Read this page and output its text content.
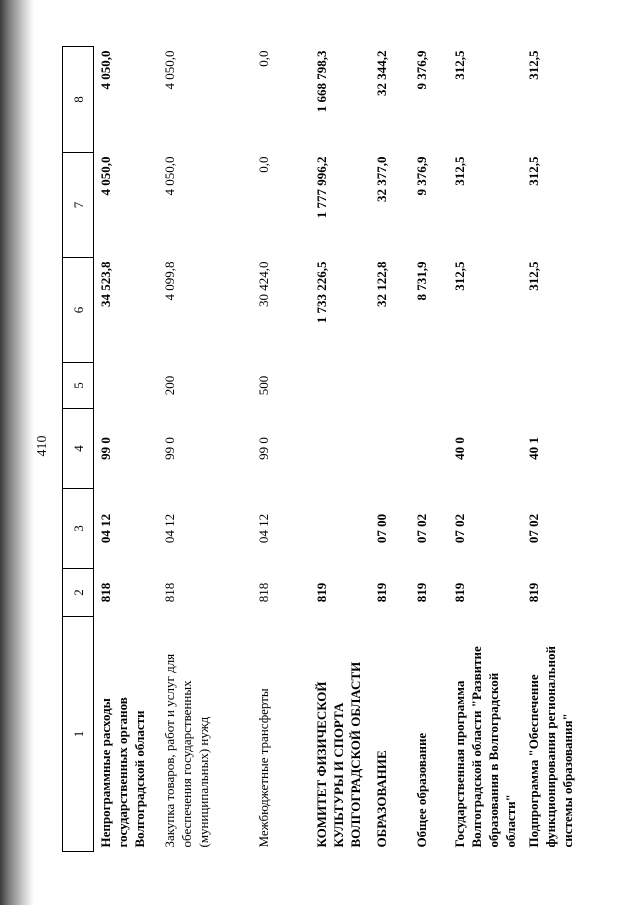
410
1	2	3	4	5	6	7	8
Непрограммные расходы государственных органов Волгоградской области	818	04 12	99 0		34 523,8	4 050,0	4 050,0
Закупка товаров, работ и услуг для обеспечения государственных (муниципальных) нужд	818	04 12	99 0	200	4 099,8	4 050,0	4 050,0
Межбюджетные трансферты	818	04 12	99 0	500	30 424,0	0,0	0,0
КОМИТЕТ ФИЗИЧЕСКОЙ КУЛЬТУРЫ И СПОРТА ВОЛГОГРАДСКОЙ ОБЛАСТИ	819				1 733 226,5	1 777 996,2	1 668 798,3
ОБРАЗОВАНИЕ	819	07 00			32 122,8	32 377,0	32 344,2
Общее образование	819	07 02			8 731,9	9 376,9	9 376,9
Государственная программа Волгоградской области "Развитие образования в Волгоградской области"	819	07 02	40 0		312,5	312,5	312,5
Подпрограмма "Обеспечение функционирования региональной системы образования"	819	07 02	40 1		312,5	312,5	312,5
